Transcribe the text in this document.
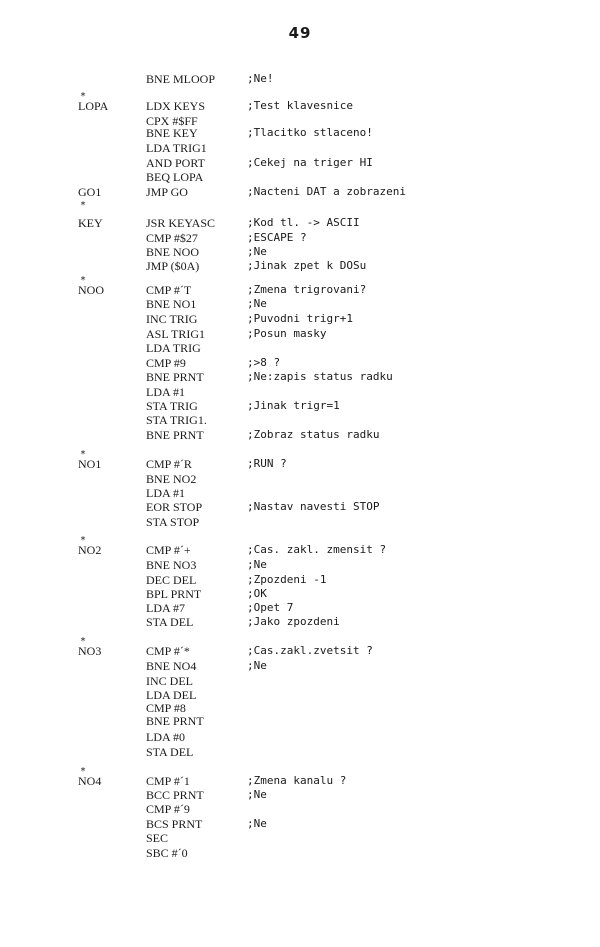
49
BNE MLOOP	;Ne!
*
LOPA	LDX KEYS	;Test klavesnice
CPX #$FF
BNE KEY	;Tlacitko stlaceno!
LDA TRIG1
AND PORT	;Cekej na triger HI
BEQ LOPA
GO1	JMP GO	;Nacteni DAT a zobrazeni
*
KEY	JSR KEYASC	;Kod tl. -> ASCII
CMP #$27	;ESCAPE ?
BNE NOO	;Ne
JMP ($0A)	;Jinak zpet k DOSu
*
NOO	CMP #´T	;Zmena trigrovani?
BNE NO1	;Ne
INC TRIG	;Puvodni trigr+1
ASL TRIG1	;Posun masky
LDA TRIG
CMP #9	;>8 ?
BNE PRNT	;Ne:zapis status radku
LDA #1
STA TRIG	;Jinak trigr=1
STA TRIG1.
BNE PRNT	;Zobraz status radku
*
NO1	CMP #´R	;RUN ?
BNE NO2
LDA #1
EOR STOP	;Nastav navesti STOP
STA STOP
*
NO2	CMP #´+	;Cas. zakl. zmensit ?
BNE NO3	;Ne
DEC DEL	;Zpozdeni -1
BPL PRNT	;OK
LDA #7	;Opet 7
STA DEL	;Jako zpozdeni
*
NO3	CMP #´*	;Cas.zakl.zvetsit ?
BNE NO4	;Ne
INC DEL
LDA DEL
CMP #8
BNE PRNT
LDA #0
STA DEL
*
NO4	CMP #´1	;Zmena kanalu ?
BCC PRNT	;Ne
CMP #´9
BCS PRNT	;Ne
SEC
SBC #´0
